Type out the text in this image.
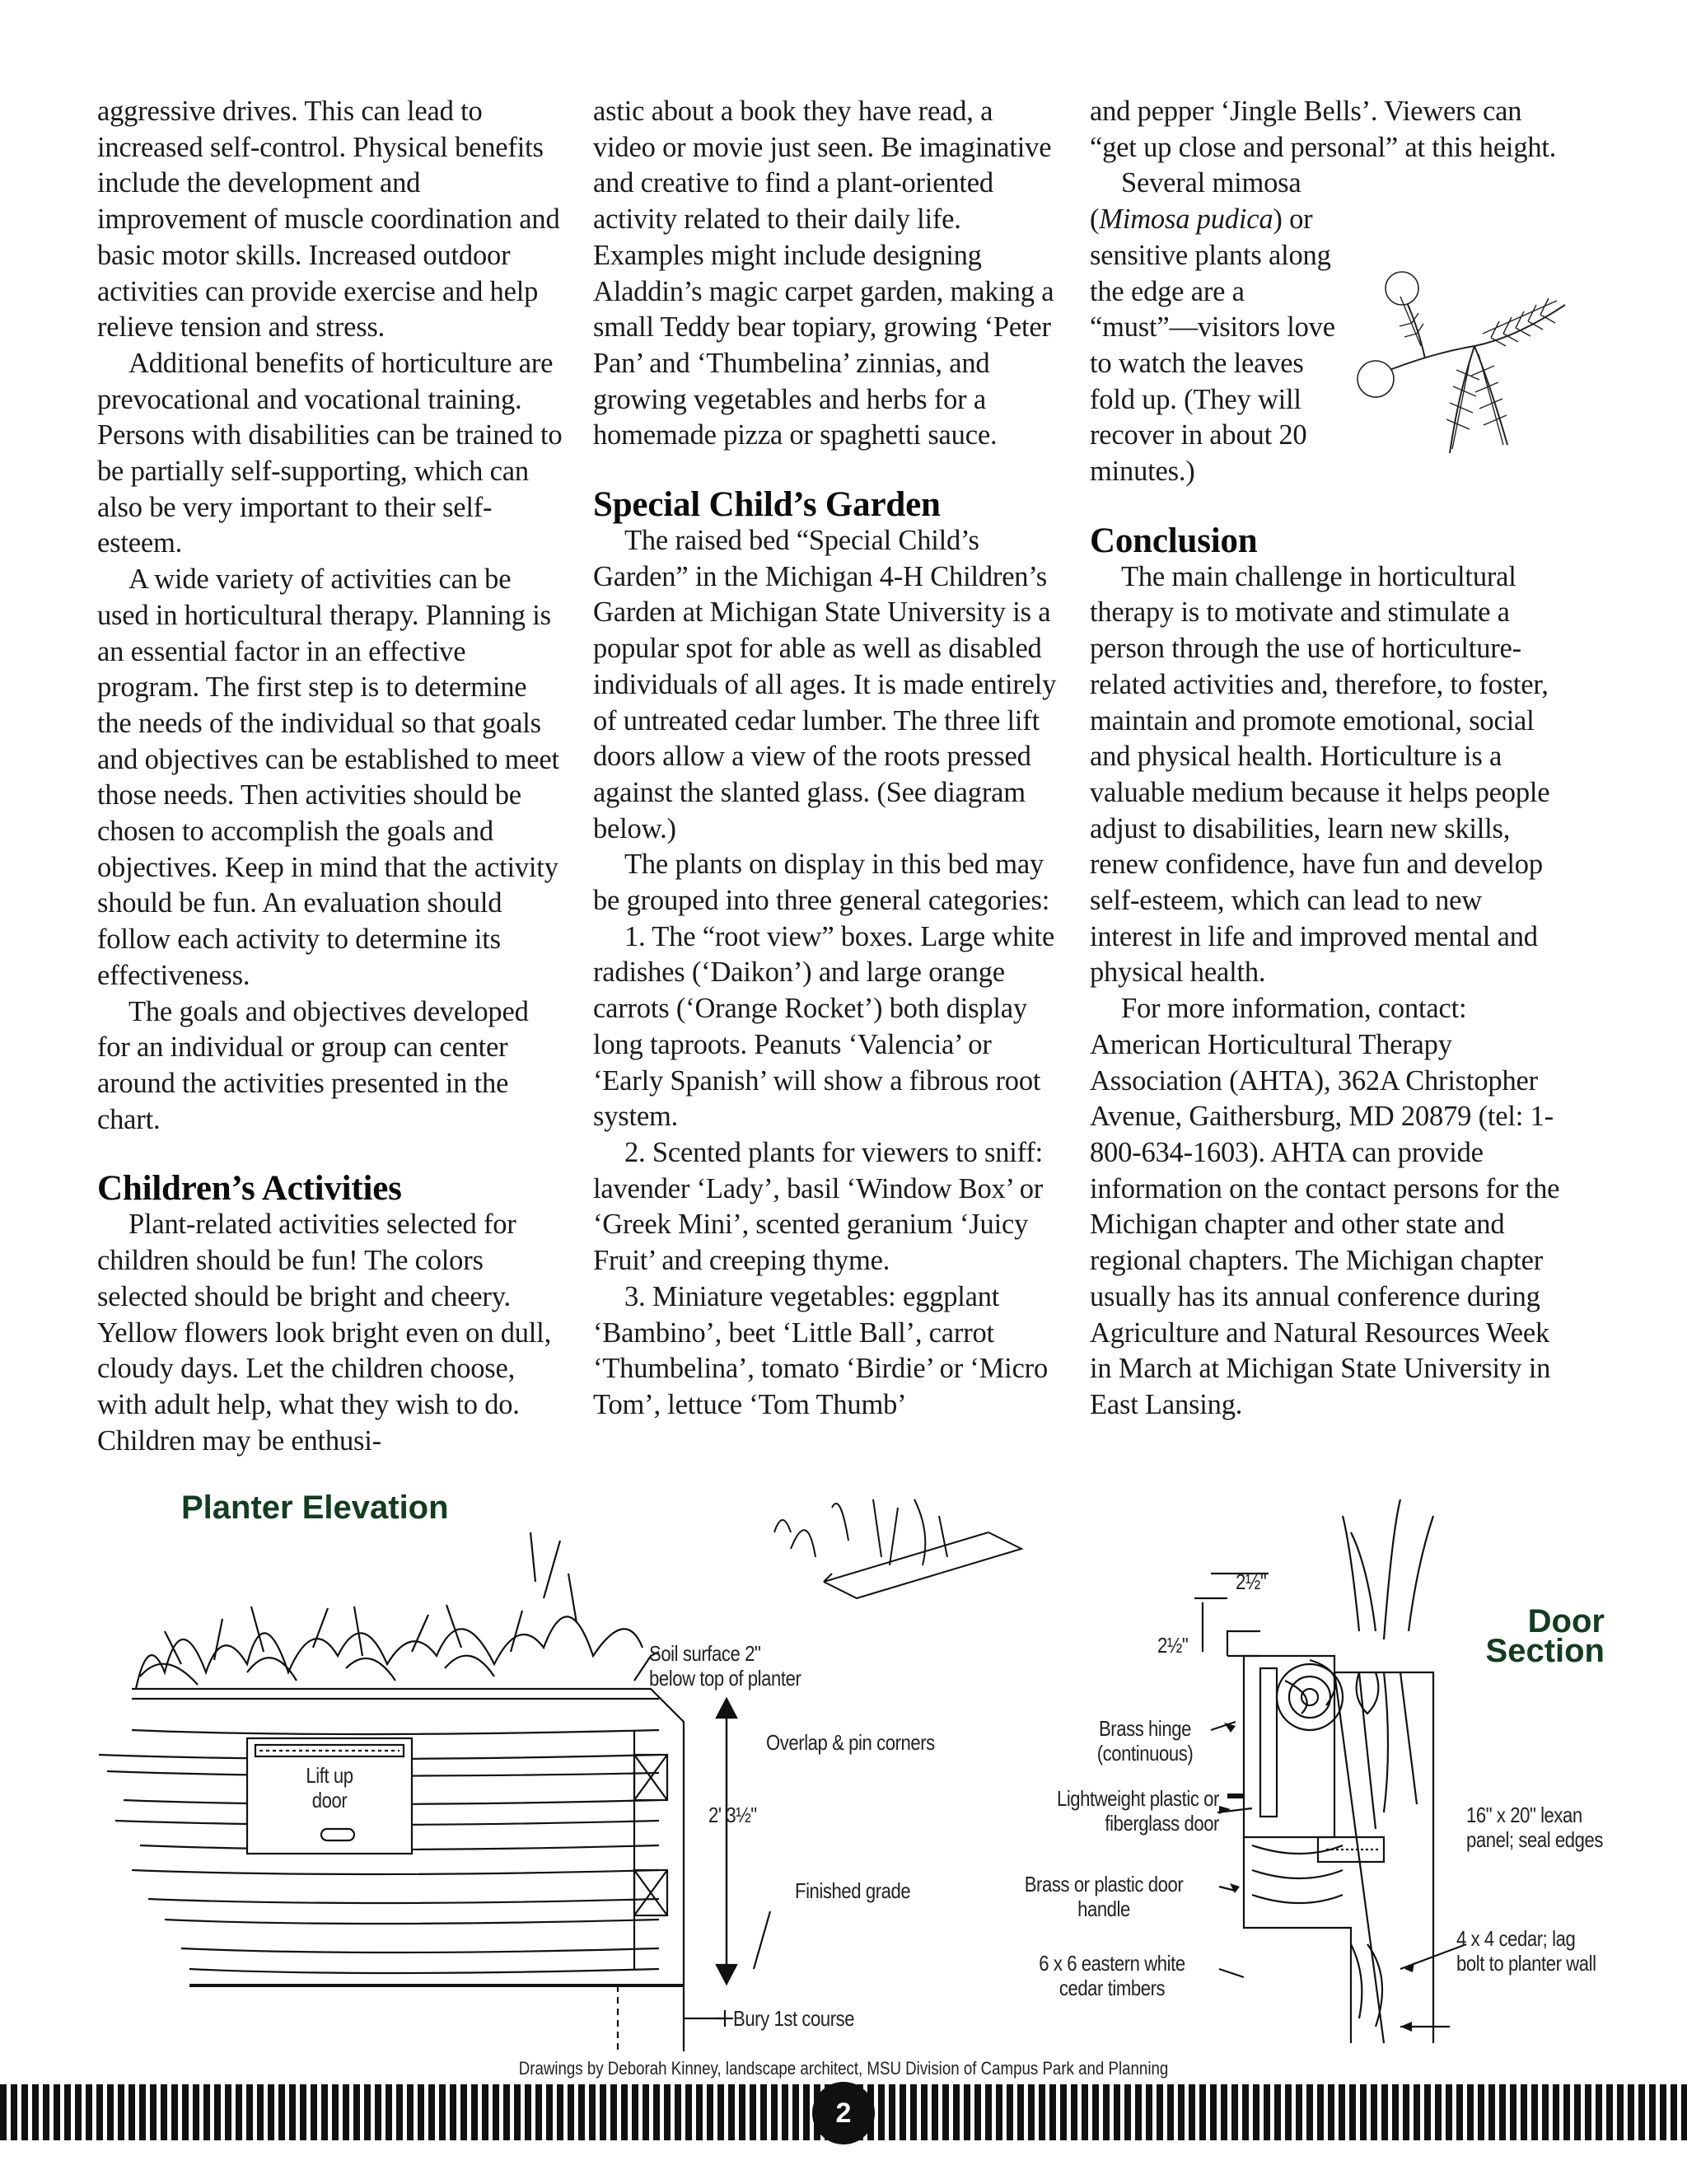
aggressive drives. This can lead to increased self-control. Physical benefits include the development and improvement of muscle coordination and basic motor skills. Increased outdoor activities can provide exercise and help relieve tension and stress.

Additional benefits of horticulture are prevocational and vocational training. Persons with disabilities can be trained to be partially self-supporting, which can also be very important to their self-esteem.

A wide variety of activities can be used in horticultural therapy. Planning is an essential factor in an effective program. The first step is to determine the needs of the individual so that goals and objectives can be established to meet those needs. Then activities should be chosen to accomplish the goals and objectives. Keep in mind that the activity should be fun. An evaluation should follow each activity to determine its effectiveness.

The goals and objectives developed for an individual or group can center around the activities presented in the chart.

Children’s Activities

Plant-related activities selected for children should be fun! The colors selected should be bright and cheery. Yellow flowers look bright even on dull, cloudy days. Let the children choose, with adult help, what they wish to do. Children may be enthusi-

astic about a book they have read, a video or movie just seen. Be imaginative and creative to find a plant-oriented activity related to their daily life. Examples might include designing Aladdin’s magic carpet garden, making a small Teddy bear topiary, growing ‘Peter Pan’ and ‘Thumbelina’ zinnias, and growing vegetables and herbs for a homemade pizza or spaghetti sauce.

Special Child’s Garden

The raised bed “Special Child’s Garden” in the Michigan 4-H Children’s Garden at Michigan State University is a popular spot for able as well as disabled individuals of all ages. It is made entirely of untreated cedar lumber. The three lift doors allow a view of the roots pressed against the slanted glass. (See diagram below.)

The plants on display in this bed may be grouped into three general categories:

1. The “root view” boxes. Large white radishes (‘Daikon’) and large orange carrots (‘Orange Rocket’) both display long taproots. Peanuts ‘Valencia’ or ‘Early Spanish’ will show a fibrous root system.

2. Scented plants for viewers to sniff: lavender ‘Lady’, basil ‘Window Box’ or ‘Greek Mini’, scented geranium ‘Juicy Fruit’ and creeping thyme.

3. Miniature vegetables: eggplant ‘Bambino’, beet ‘Little Ball’, carrot ‘Thumbelina’, tomato ‘Birdie’ or ‘Micro Tom’, lettuce ‘Tom Thumb’

and pepper ‘Jingle Bells’. Viewers can “get up close and personal” at this height.

Several mimosa (Mimosa pudica) or sensitive plants along the edge are a “must”—visitors love to watch the leaves fold up. (They will recover in about 20 minutes.)

Conclusion

The main challenge in horticultural therapy is to motivate and stimulate a person through the use of horticulture-related activities and, therefore, to foster, maintain and promote emotional, social and physical health. Horticulture is a valuable medium because it helps people adjust to disabilities, learn new skills, renew confidence, have fun and develop self-esteem, which can lead to new interest in life and improved mental and physical health.

For more information, contact: American Horticultural Therapy Association (AHTA), 362A Christopher Avenue, Gaithersburg, MD 20879 (tel: 1-800-634-1603). AHTA can provide information on the contact persons for the Michigan chapter and other state and regional chapters. The Michigan chapter usually has its annual conference during Agriculture and Natural Resources Week in March at Michigan State University in East Lansing.

Planter Elevation
Lift up
door
Soil surface 2"
below top of planter
Overlap & pin corners
2' 3½"
Finished grade
Bury 1st course
Door
Section
2½"
2½"
Brass hinge
(continuous)
Lightweight plastic or
fiberglass door
Brass or plastic door
handle
6 x 6 eastern white
cedar timbers
16" x 20" lexan
panel; seal edges
4 x 4 cedar; lag
bolt to planter wall
Drawings by Deborah Kinney, landscape architect, MSU Division of Campus Park and Planning
2
